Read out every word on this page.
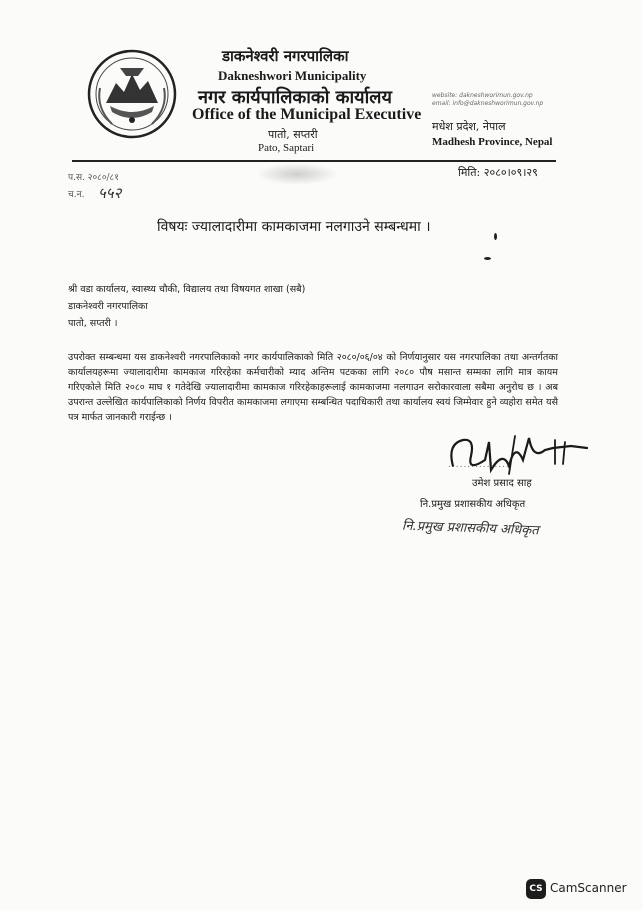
डाकनेश्वरी नगरपालिका
Dakneshwori Municipality
नगर कार्यपालिकाको कार्यालय
Office of the Municipal Executive
पातो, सप्तरी
Pato, Saptari
website: dakneshworimun.gov.np
email: info@dakneshworimun.gov.np
मधेश प्रदेश, नेपाल
Madhesh Province, Nepal
प.स. २०८०/८१
च.न. ५५२
मिति: २०८०।०९।२९
विषयः ज्यालादारीमा कामकाजमा नलगाउने सम्बन्धमा ।
श्री वडा कार्यालय, स्वास्थ्य चौकी, विद्यालय तथा विषयगत शाखा (सबै)
डाकनेश्वरी नगरपालिका
पातो, सप्तरी ।
उपरोक्त सम्बन्धमा यस डाकनेश्वरी नगरपालिकाको नगर कार्यपालिकाको मिति २०८०/०६/०४ को निर्णयानुसार यस नगरपालिका तथा अन्तर्गतका कार्यालयहरूमा ज्यालादारीमा कामकाज गरिरहेका कर्मचारीको म्याद अन्तिम पटकका लागि २०८० पौष मसान्त सम्मका लागि मात्र कायम गरिएकोले मिति २०८० माघ १ गतेदेखि ज्यालादारीमा कामकाज गरिरहेकाहरूलाई कामकाजमा नलगाउन सरोकारवाला सबैमा अनुरोध छ । अब उपरान्त उल्लेखित कार्यपालिकाको निर्णय विपरीत कामकाजमा लगाएमा सम्बन्धित पदाधिकारी तथा कार्यालय स्वयं जिम्मेवार हुने व्यहोरा समेत यसै पत्र मार्फत जानकारी गराईन्छ ।
................
उमेश प्रसाद साह
नि.प्रमुख प्रशासकीय अधिकृत
नि.प्रमुख प्रशासकीय अधिकृत
CS CamScanner
